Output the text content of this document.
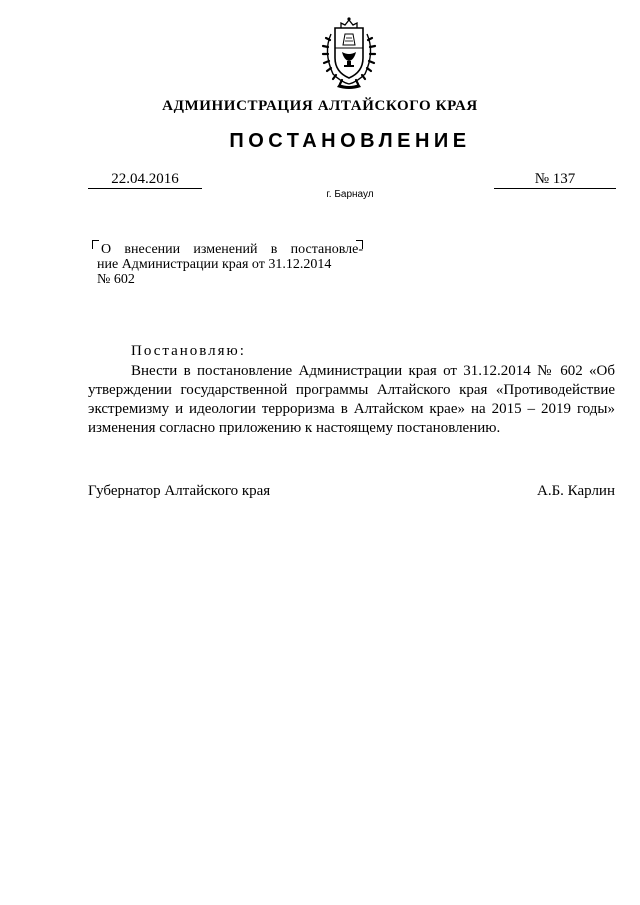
АДМИНИСТРАЦИЯ АЛТАЙСКОГО КРАЯ
ПОСТАНОВЛЕНИЕ
22.04.2016	№ 137
г. Барнаул
О внесении изменений в постановле-
ние Администрации края от 31.12.2014
№ 602
Постановляю:
Внести в постановление Администрации края от 31.12.2014 № 602 «Об утверждении государственной программы Алтайского края «Противодействие экстремизму и идеологии терроризма в Алтайском крае» на 2015 – 2019 годы» изменения согласно приложению к настоящему постановлению.
Губернатор Алтайского края	А.Б. Карлин
